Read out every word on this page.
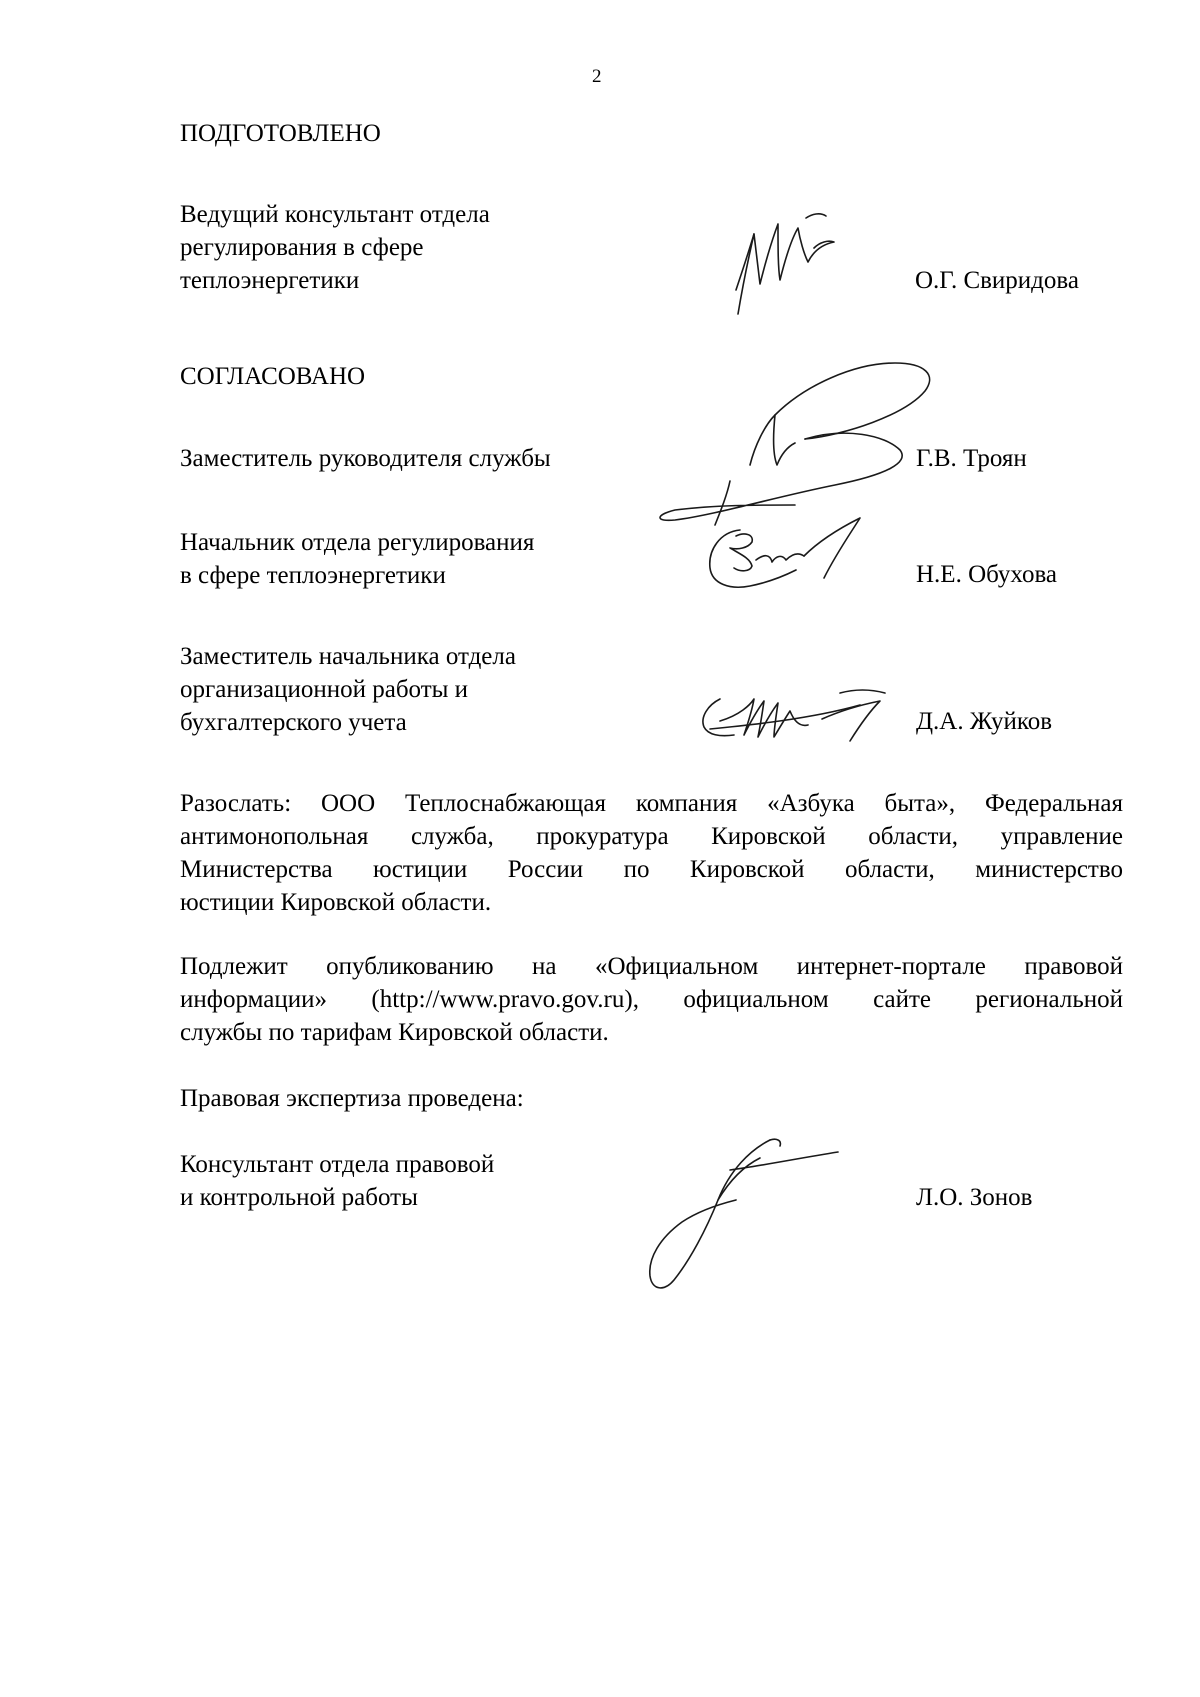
2
ПОДГОТОВЛЕНО
Ведущий консультант отдела
регулирования в сфере
теплоэнергетики	О.Г. Свиридова
СОГЛАСОВАНО
Заместитель руководителя службы	Г.В. Троян
Начальник отдела регулирования
в сфере теплоэнергетики	Н.Е. Обухова
Заместитель начальника отдела
организационной работы и
бухгалтерского учета	Д.А. Жуйков
Разослать: ООО Теплоснабжающая компания «Азбука быта», Федеральная
антимонопольная служба, прокуратура Кировской области, управление
Министерства юстиции России по Кировской области, министерство
юстиции Кировской области.
Подлежит опубликованию на «Официальном интернет-портале правовой
информации» (http://www.pravo.gov.ru), официальном сайте региональной
службы по тарифам Кировской области.
Правовая экспертиза проведена:
Консультант отдела правовой
и контрольной работы	Л.О. Зонов
